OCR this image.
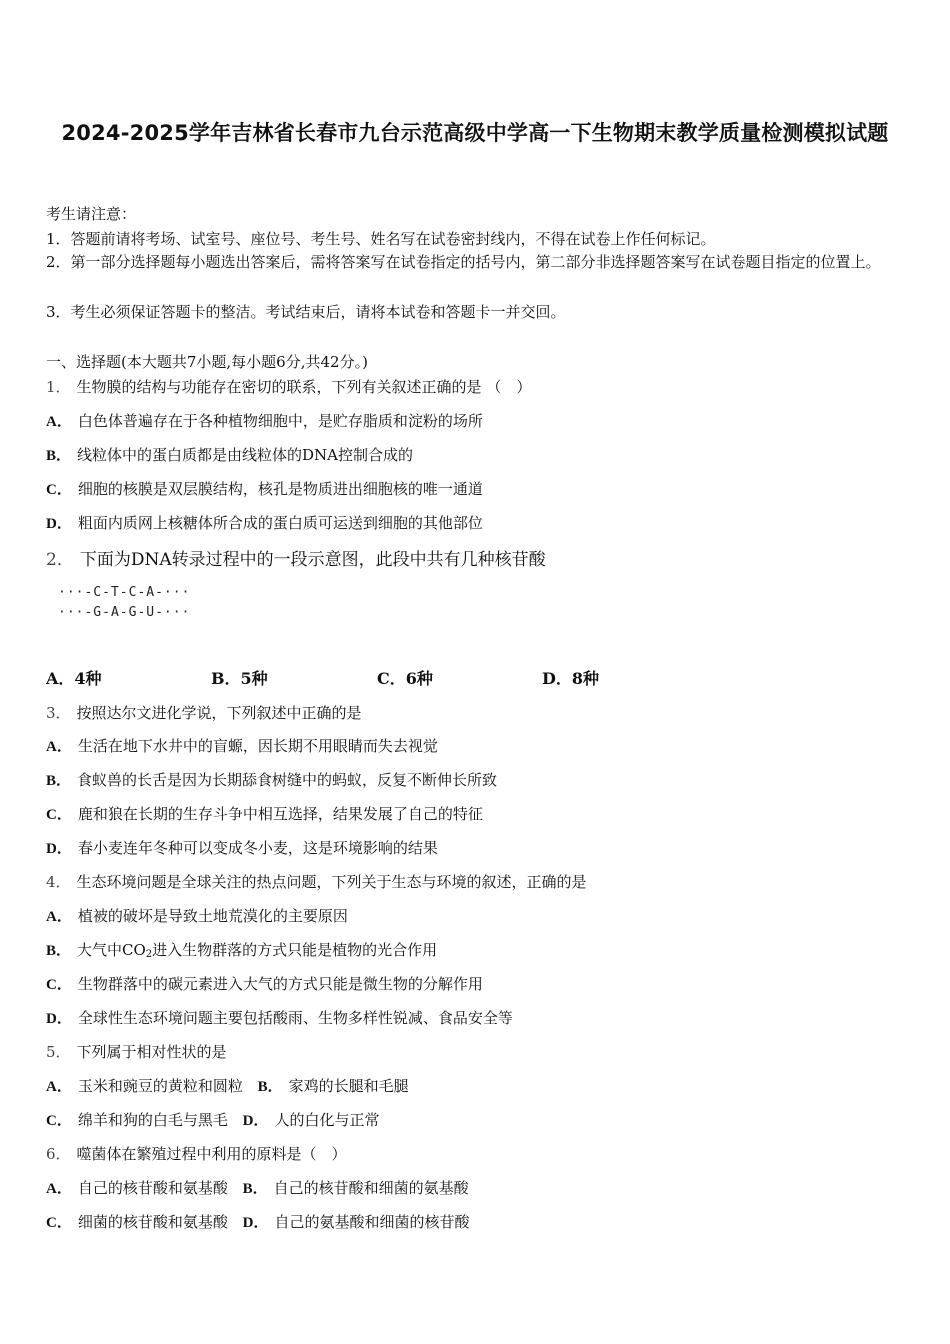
2024-2025学年吉林省长春市九台示范高级中学高一下生物期末教学质量检测模拟试题
考生请注意：
1．答题前请将考场、试室号、座位号、考生号、姓名写在试卷密封线内，不得在试卷上作任何标记。
2．第一部分选择题每小题选出答案后，需将答案写在试卷指定的括号内，第二部分非选择题答案写在试卷题目指定的位置上。
3．考生必须保证答题卡的整洁。考试结束后，请将本试卷和答题卡一并交回。
一、选择题(本大题共7小题,每小题6分,共42分。)
1． 生物膜的结构与功能存在密切的联系，下列有关叙述正确的是 （　）
A． 白色体普遍存在于各种植物细胞中，是贮存脂质和淀粉的场所
B． 线粒体中的蛋白质都是由线粒体的DNA控制合成的
C． 细胞的核膜是双层膜结构，核孔是物质进出细胞核的唯一通道
D． 粗面内质网上核糖体所合成的蛋白质可运送到细胞的其他部位
2． 下面为DNA转录过程中的一段示意图，此段中共有几种核苷酸
···-C-T-C-A-···
···-G-A-G-U-···
A．4种	B．5种	C．6种	D．8种
3． 按照达尔文进化学说，下列叙述中正确的是
A． 生活在地下水井中的盲螈，因长期不用眼睛而失去视觉
B． 食蚁兽的长舌是因为长期舔食树缝中的蚂蚁，反复不断伸长所致
C． 鹿和狼在长期的生存斗争中相互选择，结果发展了自己的特征
D． 春小麦连年冬种可以变成冬小麦，这是环境影响的结果
4． 生态环境问题是全球关注的热点问题，下列关于生态与环境的叙述，正确的是
A． 植被的破坏是导致土地荒漠化的主要原因
B． 大气中$CO_2$进入生物群落的方式只能是植物的光合作用
C． 生物群落中的碳元素进入大气的方式只能是微生物的分解作用
D． 全球性生态环境问题主要包括酸雨、生物多样性锐减、食品安全等
5． 下列属于相对性状的是
A． 玉米和豌豆的黄粒和圆粒 B． 家鸡的长腿和毛腿
C． 绵羊和狗的白毛与黑毛 D． 人的白化与正常
6． 噬菌体在繁殖过程中利用的原料是（　）
A． 自己的核苷酸和氨基酸 B． 自己的核苷酸和细菌的氨基酸
C． 细菌的核苷酸和氨基酸 D． 自己的氨基酸和细菌的核苷酸
